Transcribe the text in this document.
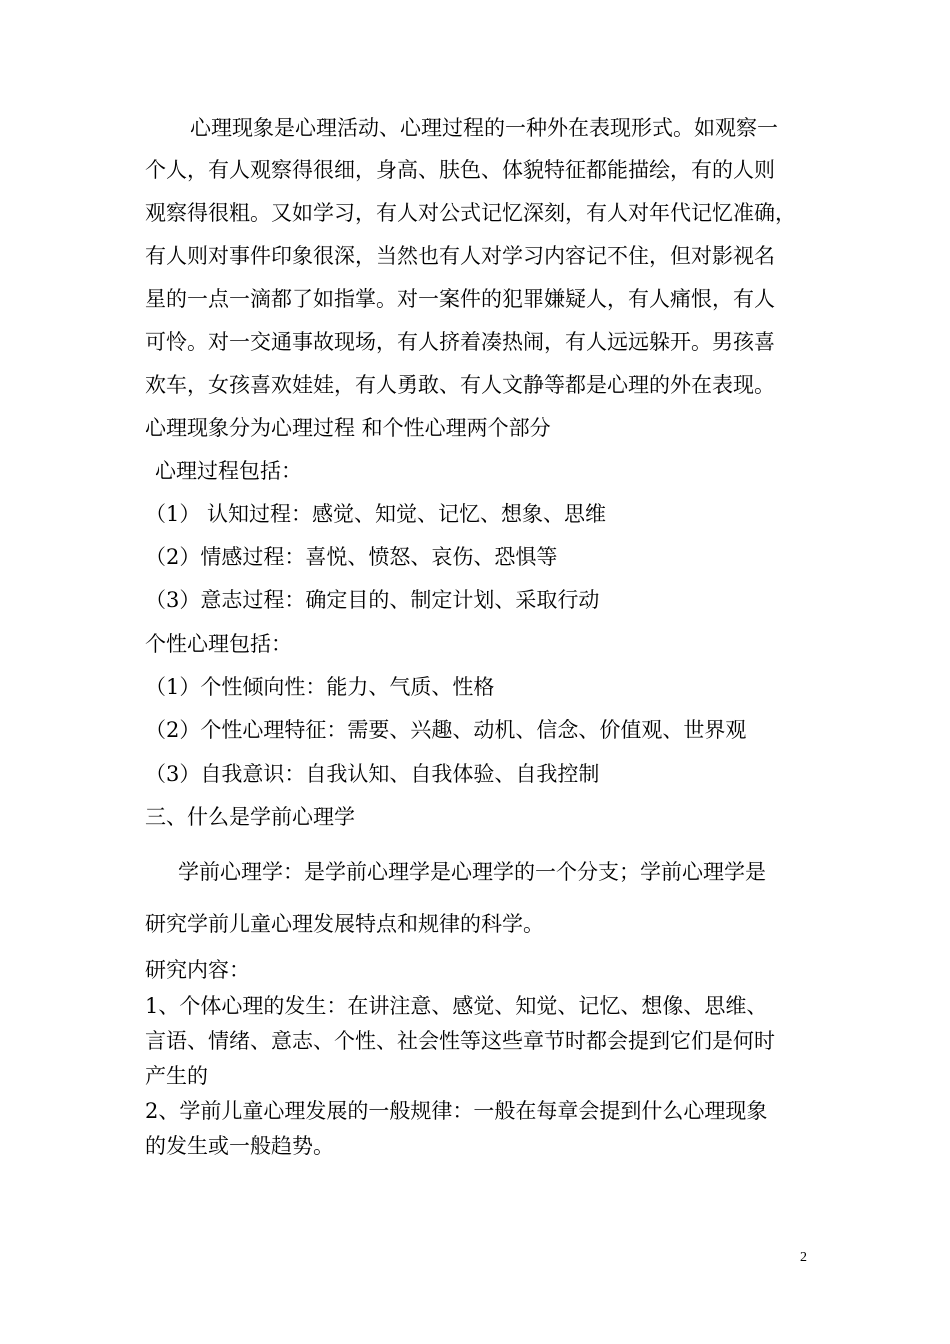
心理现象是心理活动、心理过程的一种外在表现形式。如观察一
个人，有人观察得很细，身高、肤色、体貌特征都能描绘，有的人则
观察得很粗。又如学习，有人对公式记忆深刻，有人对年代记忆准确，
有人则对事件印象很深，当然也有人对学习内容记不住，但对影视名
星的一点一滴都了如指掌。对一案件的犯罪嫌疑人，有人痛恨，有人
可怜。对一交通事故现场，有人挤着凑热闹，有人远远躲开。男孩喜
欢车，女孩喜欢娃娃，有人勇敢、有人文静等都是心理的外在表现。
心理现象分为心理过程 和个性心理两个部分
心理过程包括：
（1） 认知过程：感觉、知觉、记忆、想象、思维
（2）情感过程：喜悦、愤怒、哀伤、恐惧等
（3）意志过程：确定目的、制定计划、采取行动
个性心理包括：
（1）个性倾向性：能力、气质、性格
（2）个性心理特征：需要、兴趣、动机、信念、价值观、世界观
（3）自我意识：自我认知、自我体验、自我控制
三、什么是学前心理学
学前心理学：是学前心理学是心理学的一个分支；学前心理学是
研究学前儿童心理发展特点和规律的科学。
研究内容：
1、个体心理的发生：在讲注意、感觉、知觉、记忆、想像、思维、
言语、情绪、意志、个性、社会性等这些章节时都会提到它们是何时
产生的
2、学前儿童心理发展的一般规律：一般在每章会提到什么心理现象
的发生或一般趋势。
2
